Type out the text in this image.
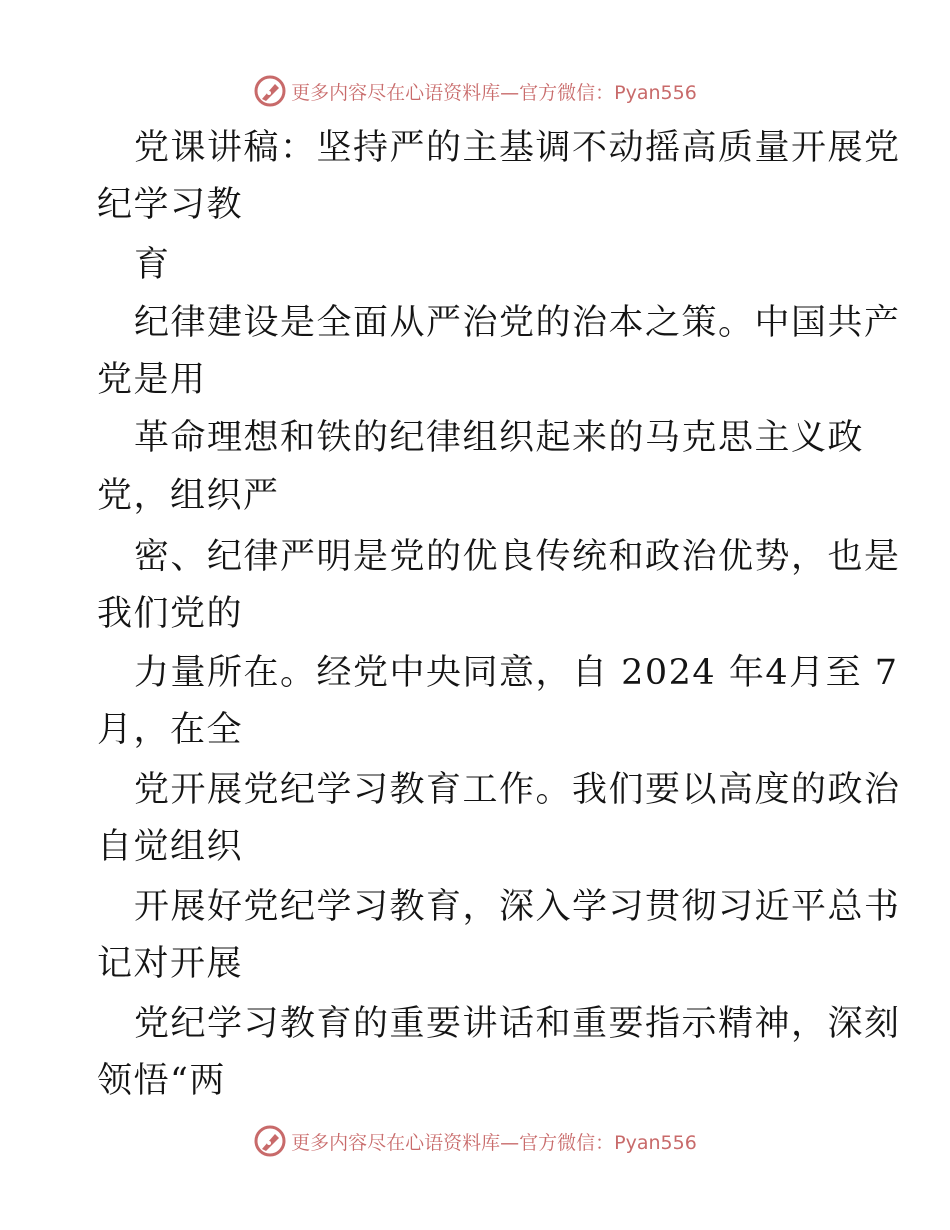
更多内容尽在心语资料库—官方微信：Pyan556
党课讲稿：坚持严的主基调不动摇高质量开展党
纪学习教
育
纪律建设是全面从严治党的治本之策。中国共产
党是用
革命理想和铁的纪律组织起来的马克思主义政
党，组织严
密、纪律严明是党的优良传统和政治优势，也是
我们党的
力量所在。经党中央同意，自 2024 年4月至 7
月，在全
党开展党纪学习教育工作。我们要以高度的政治
自觉组织
开展好党纪学习教育，深入学习贯彻习近平总书
记对开展
党纪学习教育的重要讲话和重要指示精神，深刻
领悟“两
更多内容尽在心语资料库—官方微信：Pyan556
